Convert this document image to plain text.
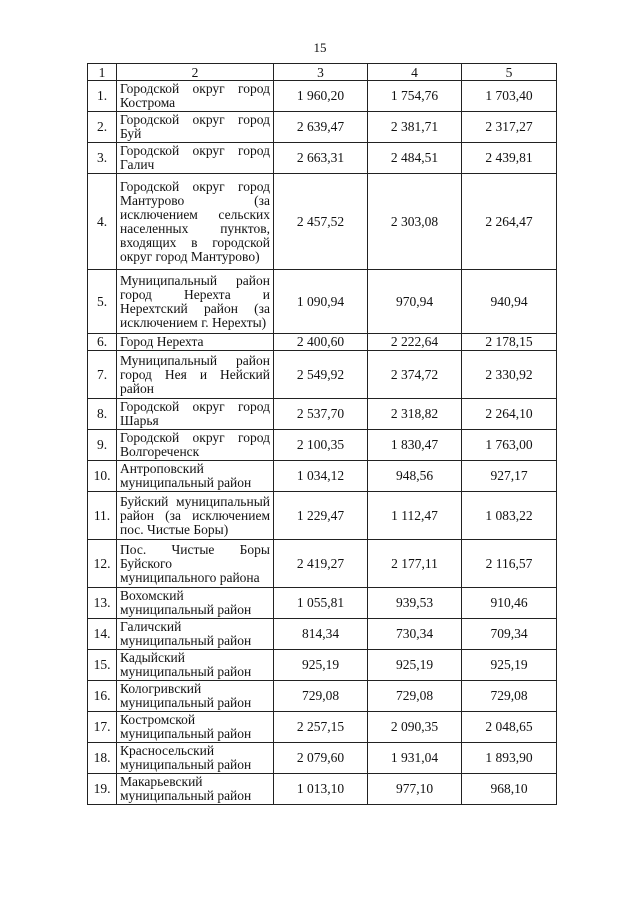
15
1	2	3	4	5
1.	Городской округ город Кострома	1 960,20	1 754,76	1 703,40
2.	Городской округ город Буй	2 639,47	2 381,71	2 317,27
3.	Городской округ город Галич	2 663,31	2 484,51	2 439,81
4.	Городской округ город Мантурово (за исключением сельских населенных пунктов, входящих в городской округ город Мантурово)	2 457,52	2 303,08	2 264,47
5.	Муниципальный район город Нерехта и Нерехтский район (за исключением г. Нерехты)	1 090,94	970,94	940,94
6.	Город Нерехта	2 400,60	2 222,64	2 178,15
7.	Муниципальный район город Нея и Нейский район	2 549,92	2 374,72	2 330,92
8.	Городской округ город Шарья	2 537,70	2 318,82	2 264,10
9.	Городской округ город Волгореченск	2 100,35	1 830,47	1 763,00
10.	Антроповский муниципальный район	1 034,12	948,56	927,17
11.	Буйский муниципальный район (за исключением пос. Чистые Боры)	1 229,47	1 112,47	1 083,22
12.	Пос. Чистые Боры Буйского муниципального района	2 419,27	2 177,11	2 116,57
13.	Вохомский муниципальный район	1 055,81	939,53	910,46
14.	Галичский муниципальный район	814,34	730,34	709,34
15.	Кадыйский муниципальный район	925,19	925,19	925,19
16.	Кологривский муниципальный район	729,08	729,08	729,08
17.	Костромской муниципальный район	2 257,15	2 090,35	2 048,65
18.	Красносельский муниципальный район	2 079,60	1 931,04	1 893,90
19.	Макарьевский муниципальный район	1 013,10	977,10	968,10
